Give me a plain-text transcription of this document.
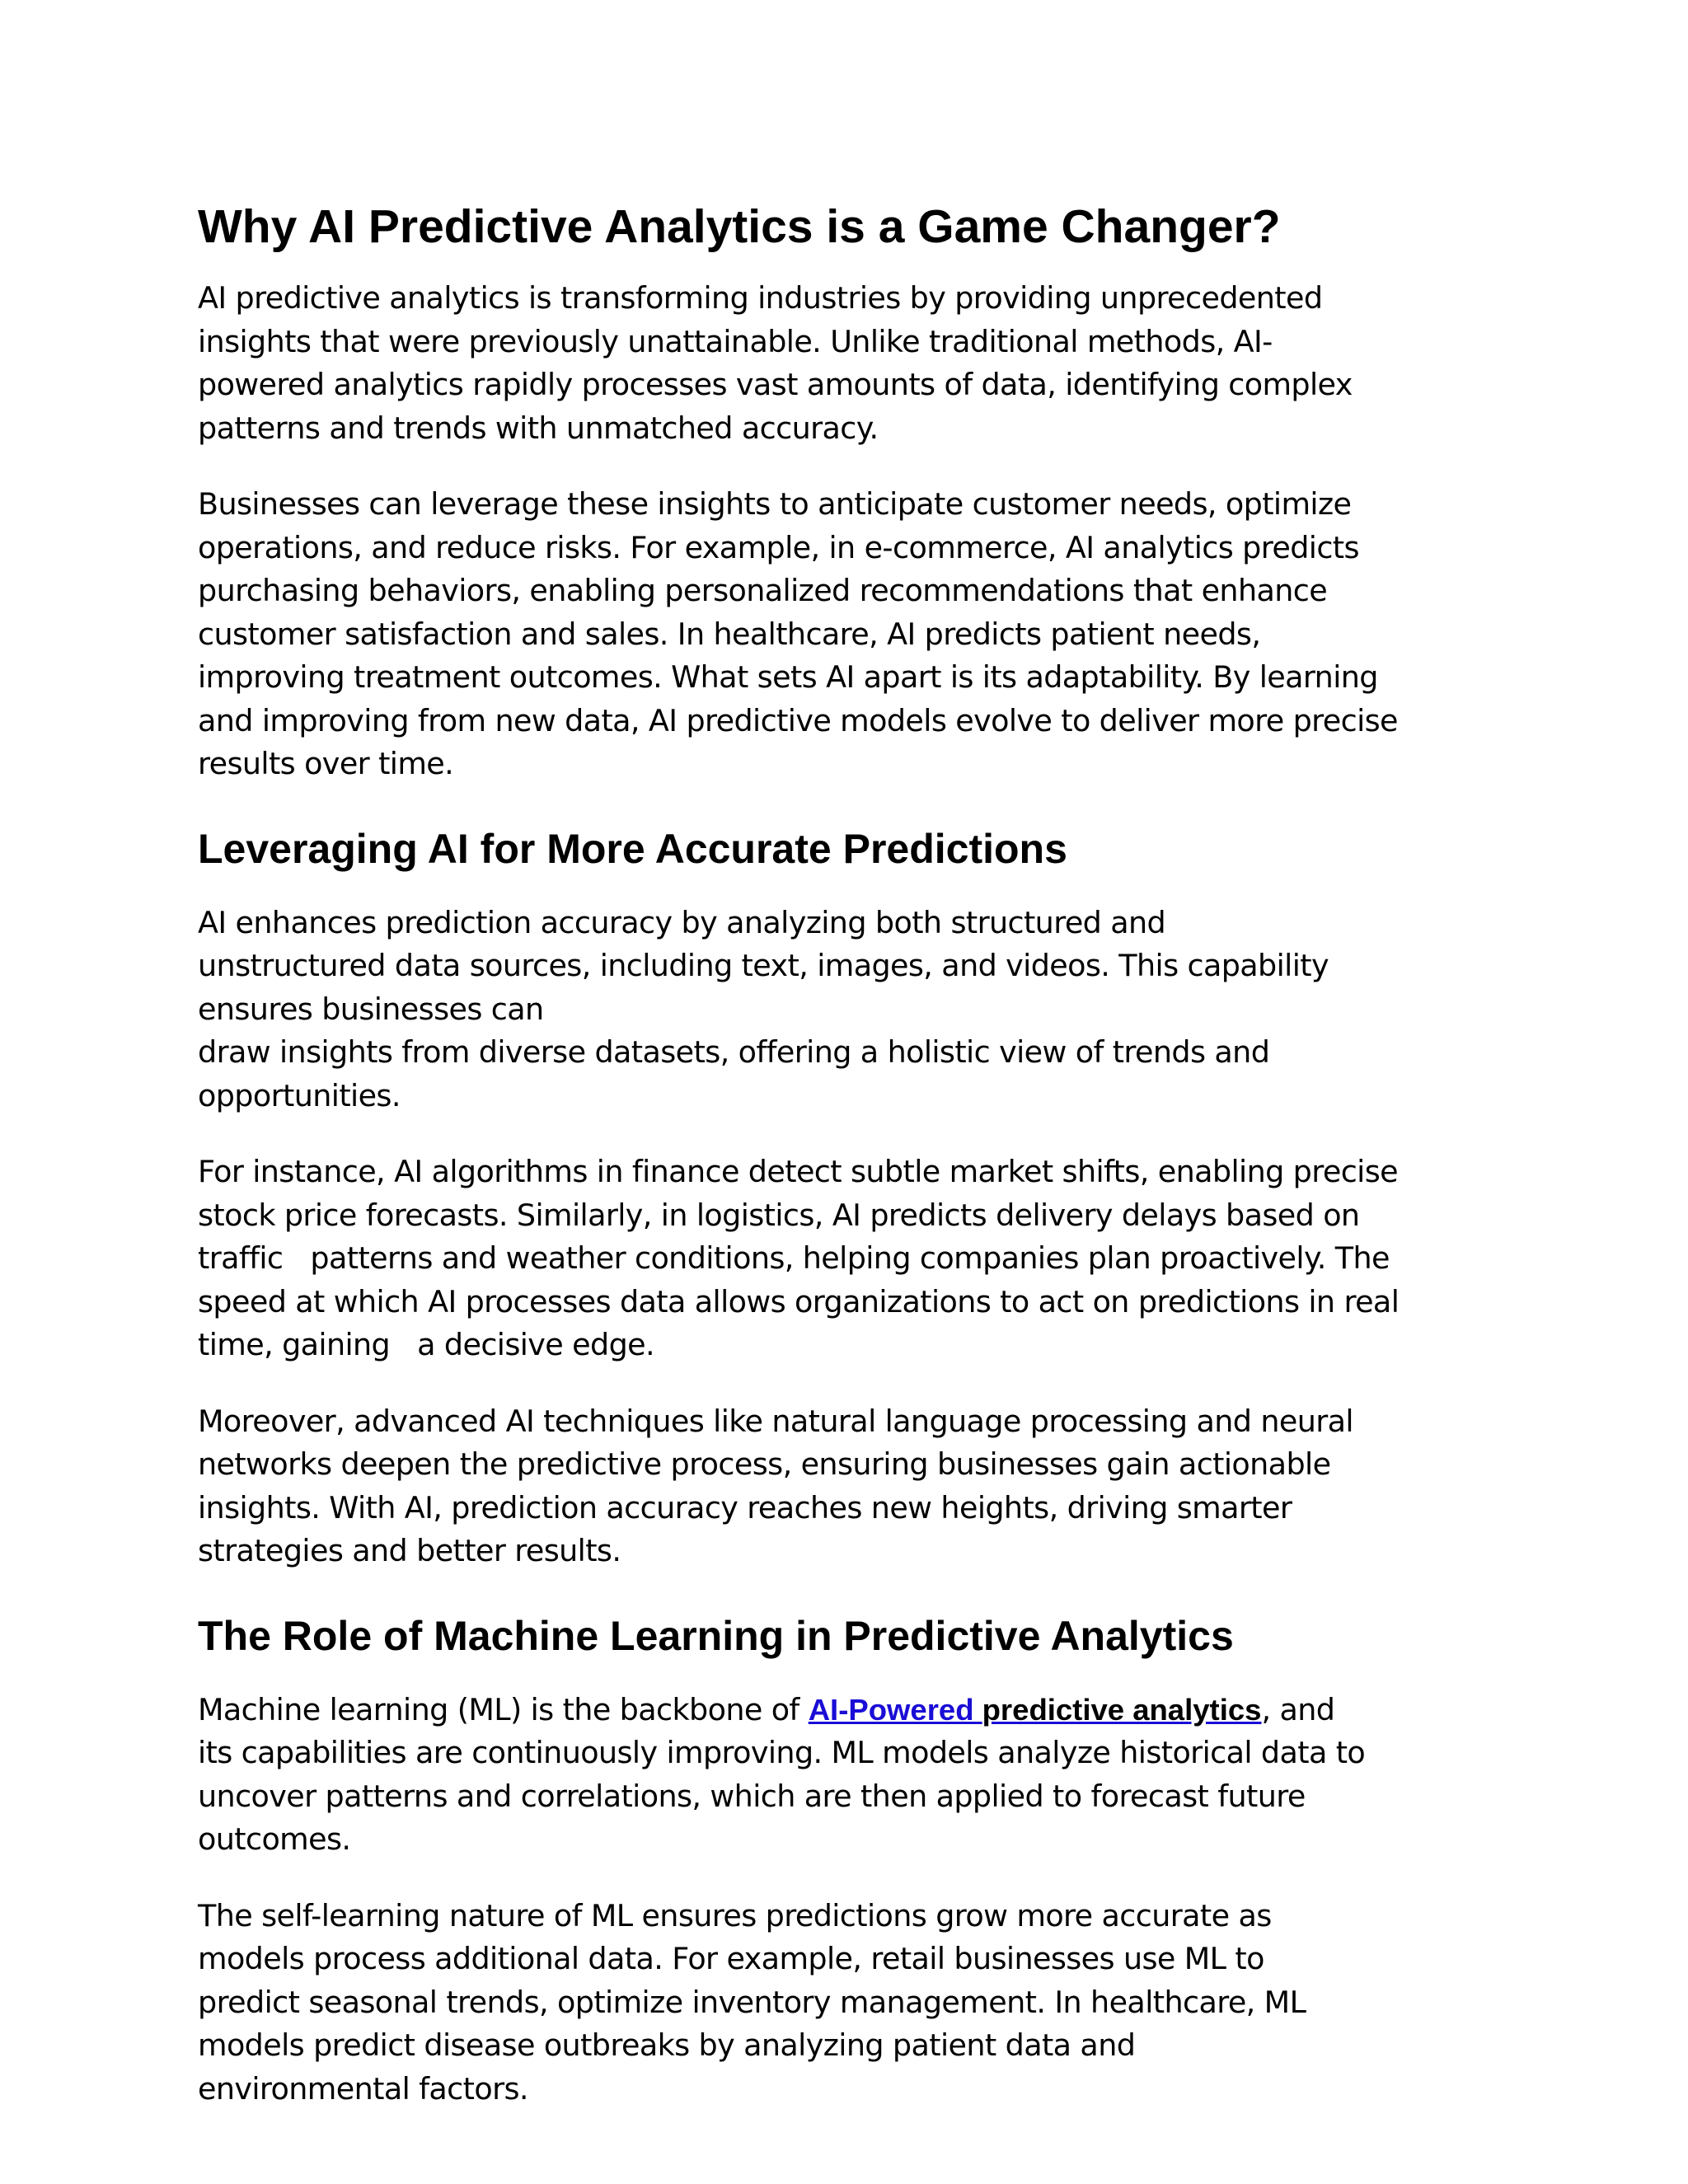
Why AI Predictive Analytics is a Game Changer?

AI predictive analytics is transforming industries by providing unprecedented
insights that were previously unattainable. Unlike traditional methods, AI-
powered analytics rapidly processes vast amounts of data, identifying complex
patterns and trends with unmatched accuracy.

Businesses can leverage these insights to anticipate customer needs, optimize
operations, and reduce risks. For example, in e-commerce, AI analytics predicts
purchasing behaviors, enabling personalized recommendations that enhance
customer satisfaction and sales. In healthcare, AI predicts patient needs,
improving treatment outcomes. What sets AI apart is its adaptability. By learning
and improving from new data, AI predictive models evolve to deliver more precise
results over time.

Leveraging AI for More Accurate Predictions

AI enhances prediction accuracy by analyzing both structured and
unstructured data sources, including text, images, and videos. This capability
ensures businesses can
draw insights from diverse datasets, offering a holistic view of trends and
opportunities.

For instance, AI algorithms in finance detect subtle market shifts, enabling precise
stock price forecasts. Similarly, in logistics, AI predicts delivery delays based on
traffic   patterns and weather conditions, helping companies plan proactively. The
speed at which AI processes data allows organizations to act on predictions in real
time, gaining   a decisive edge.

Moreover, advanced AI techniques like natural language processing and neural
networks deepen the predictive process, ensuring businesses gain actionable
insights. With AI, prediction accuracy reaches new heights, driving smarter
strategies and better results.

The Role of Machine Learning in Predictive Analytics

Machine learning (ML) is the backbone of AI-Powered predictive analytics, and
its capabilities are continuously improving. ML models analyze historical data to
uncover patterns and correlations, which are then applied to forecast future
outcomes.

The self-learning nature of ML ensures predictions grow more accurate as
models process additional data. For example, retail businesses use ML to
predict seasonal trends, optimize inventory management. In healthcare, ML
models predict disease outbreaks by analyzing patient data and
environmental factors.
